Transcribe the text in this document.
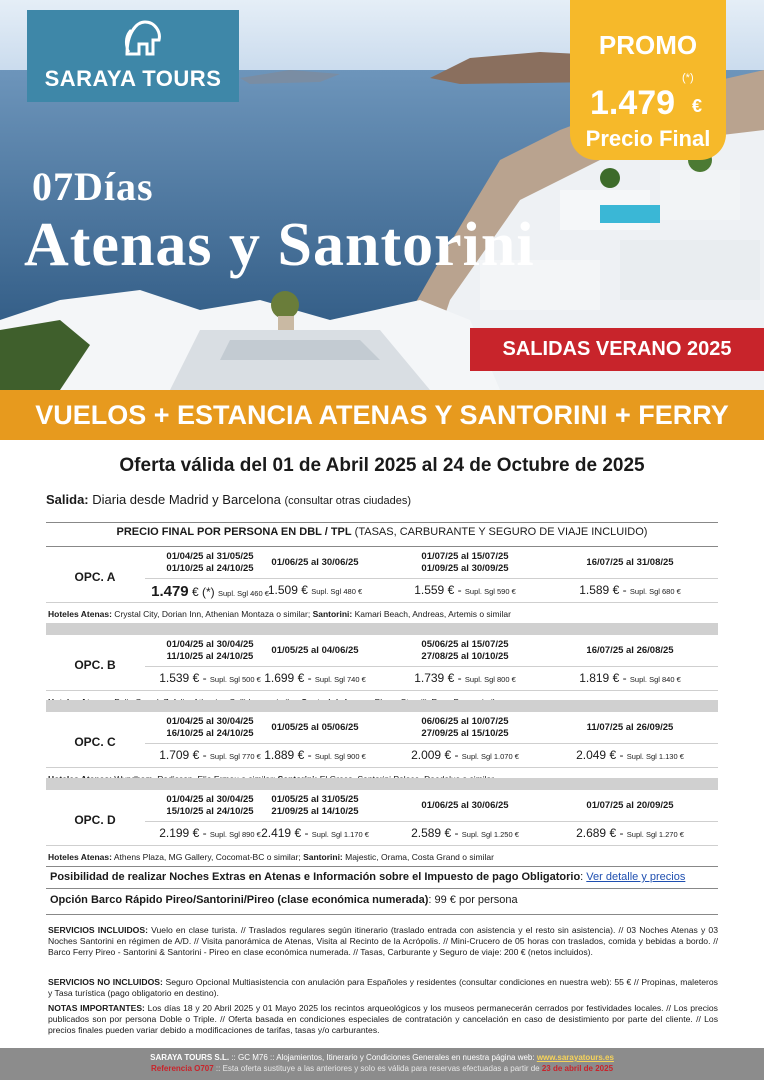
SARAYA TOURS
PROMO
(*)
1.479 €
Precio Final
07Días
Atenas y Santorini
SALIDAS VERANO 2025
VUELOS + ESTANCIA ATENAS Y SANTORINI + FERRY
Oferta válida del 01 de Abril 2025 al 24 de Octubre de 2025
Salida: Diaria desde Madrid y Barcelona (consultar otras ciudades)
PRECIO FINAL POR PERSONA EN DBL / TPL (TASAS, CARBURANTE Y SEGURO DE VIAJE INCLUIDO)
OPC. A
01/04/25 al 31/05/25
01/10/25 al 24/10/25
1.479 € (*) Supl. Sgl 460 €
01/06/25 al 30/06/25
1.509 € Supl. Sgl 480 €
01/07/25 al 15/07/25
01/09/25 al 30/09/25
1.559 € - Supl. Sgl 590 €
16/07/25 al 31/08/25
1.589 € - Supl. Sgl 680 €
Hoteles Atenas: Crystal City, Dorian Inn, Athenian Montaza o similar; Santorini: Kamari Beach, Andreas, Artemis o similar
OPC. B
01/04/25 al 30/04/25
11/10/25 al 24/10/25
1.539 € - Supl. Sgl 500 €
01/05/25 al 04/06/25
1.699 € - Supl. Sgl 740 €
05/06/25 al 15/07/25
27/08/25 al 10/10/25
1.739 € - Supl. Sgl 800 €
16/07/25 al 26/08/25
1.819 € - Supl. Sgl 840 €
OPC. C
01/04/25 al 30/04/25
16/10/25 al 24/10/25
1.709 € - Supl. Sgl 770 €
01/05/25 al 05/06/25
1.889 € - Supl. Sgl 900 €
06/06/25 al 10/07/25
27/09/25 al 15/10/25
2.009 € - Supl. Sgl 1.070 €
11/07/25 al 26/09/25
2.049 € - Supl. Sgl 1.130 €
OPC. D
01/04/25 al 30/04/25
15/10/25 al 24/10/25
2.199 € - Supl. Sgl 890 €
01/05/25 al 31/05/25
21/09/25 al 14/10/25
2.419 € - Supl. Sgl 1.170 €
01/06/25 al 30/06/25
2.589 € - Supl. Sgl 1.250 €
01/07/25 al 20/09/25
2.689 € - Supl. Sgl 1.270 €
Hoteles Atenas: Athens Plaza, MG Gallery, Cocomat-BC o similar; Santorini: Majestic, Orama, Costa Grand o similar
Posibilidad de realizar Noches Extras en Atenas e Información sobre el Impuesto de pago Obligatorio: Ver detalle y precios
Opción Barco Rápido Pireo/Santorini/Pireo (clase económica numerada): 99 € por persona
SERVICIOS INCLUIDOS: Vuelo en clase turista. // Traslados regulares según itinerario (traslado entrada con asistencia y el resto sin asistencia). // 03 Noches Atenas y 03 Noches Santorini en régimen de A/D. // Visita panorámica de Atenas, Visita al Recinto de la Acrópolis. // Mini-Crucero de 05 horas con traslados, comida y bebidas a bordo. // Barco Ferry Pireo - Santorini & Santorini - Pireo en clase económica numerada. // Tasas, Carburante y Seguro de viaje: 200 € (netos incluidos).
SERVICIOS NO INCLUIDOS: Seguro Opcional Multiasistencia con anulación para Españoles y residentes (consultar condiciones en nuestra web): 55 € // Propinas, maleteros y Tasa turística (pago obligatorio en destino).
NOTAS IMPORTANTES: Los días 18 y 20 Abril 2025 y 01 Mayo 2025 los recintos arqueológicos y los museos permanecerán cerrados por festividades locales. // Los precios publicados son por persona Doble o Triple. // Oferta basada en condiciones especiales de contratación y cancelación en caso de desistimiento por parte del cliente. // Los precios finales pueden variar debido a modificaciones de tarifas, tasas y/o carburantes.
SARAYA TOURS S.L. :: GC M76 :: Alojamientos, Itinerario y Condiciones Generales en nuestra página web: www.sarayatours.es
Referencia O707 :: Esta oferta sustituye a las anteriores y solo es válida para reservas efectuadas a partir de 23 de abril de 2025
